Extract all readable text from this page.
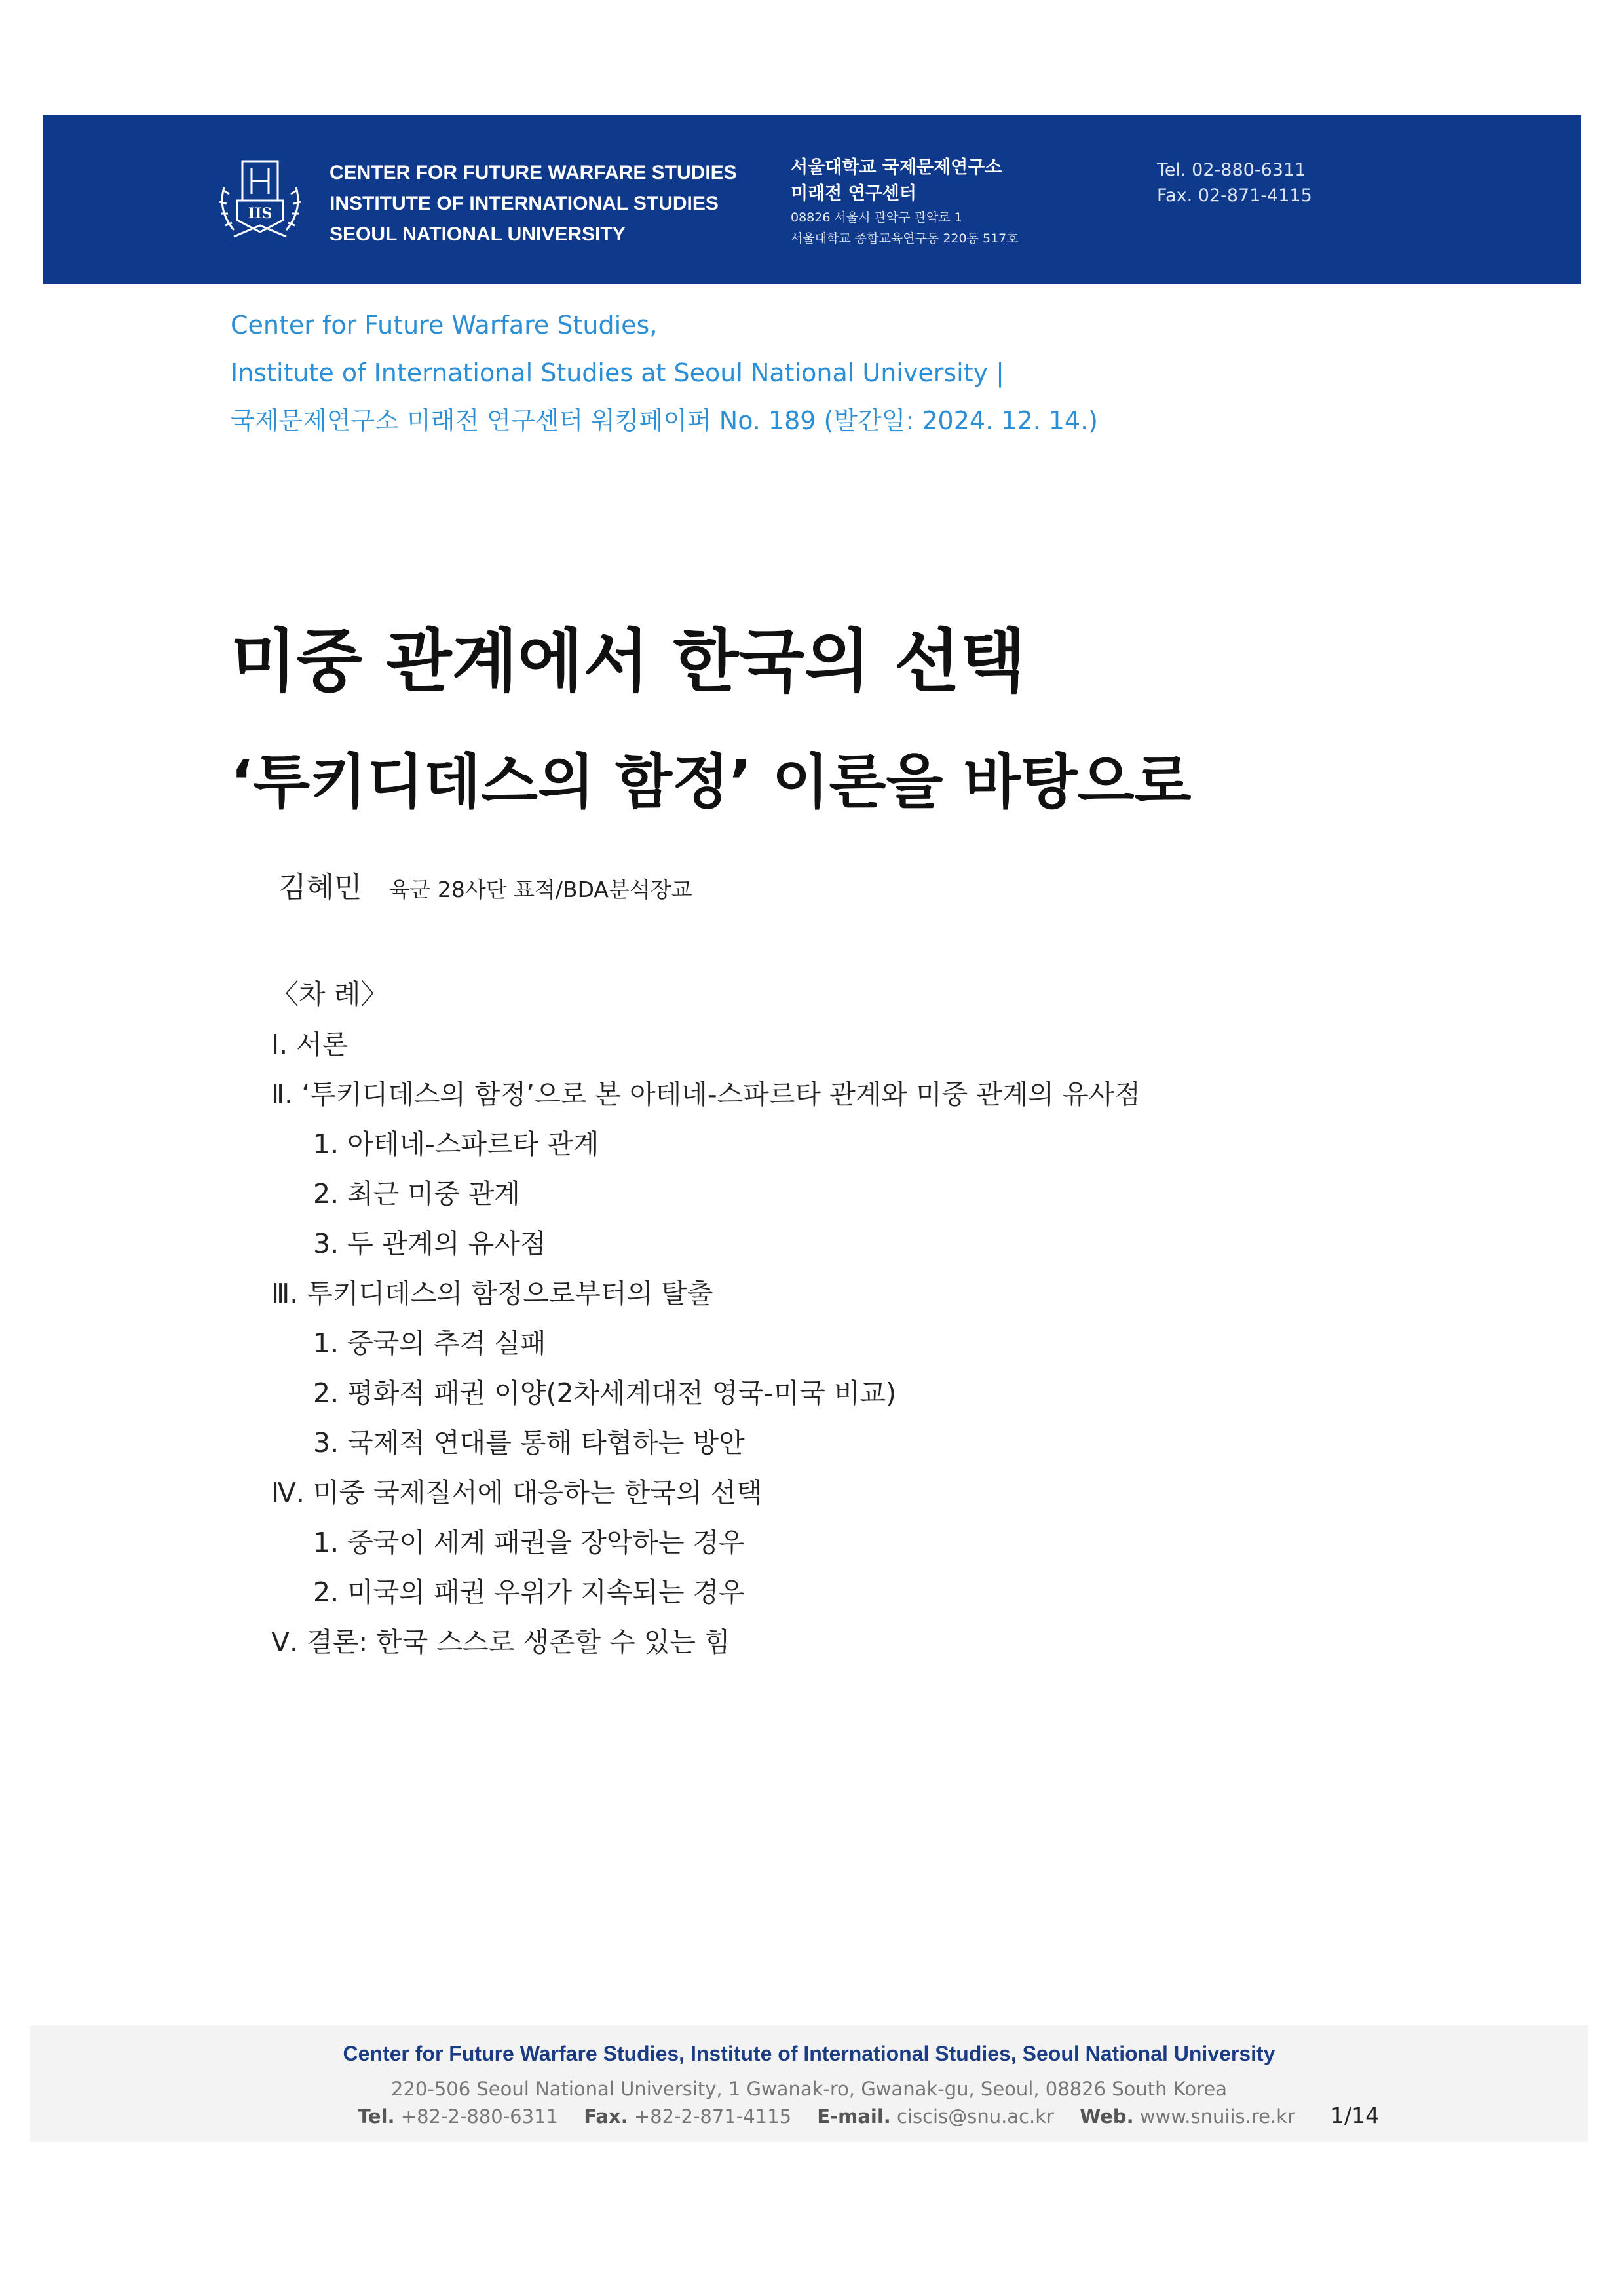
IIS
CENTER FOR FUTURE WARFARE STUDIES
INSTITUTE OF INTERNATIONAL STUDIES
SEOUL NATIONAL UNIVERSITY
서울대학교 국제문제연구소
미래전 연구센터
08826 서울시 관악구 관악로 1
서울대학교 종합교육연구동 220동 517호
Tel. 02-880-6311
Fax. 02-871-4115
Center for Future Warfare Studies,
Institute of International Studies at Seoul National University |
국제문제연구소 미래전 연구센터 워킹페이퍼 No. 189 (발간일: 2024. 12. 14.)
미중 관계에서 한국의 선택
‘투키디데스의 함정’ 이론을 바탕으로
김혜민 육군 28사단 표적/BDA분석장교
〈차 례〉
Ⅰ. 서론
Ⅱ. ‘투키디데스의 함정’으로 본 아테네-스파르타 관계와 미중 관계의 유사점
1. 아테네-스파르타 관계
2. 최근 미중 관계
3. 두 관계의 유사점
Ⅲ. 투키디데스의 함정으로부터의 탈출
1. 중국의 추격 실패
2. 평화적 패권 이양(2차세계대전 영국-미국 비교)
3. 국제적 연대를 통해 타협하는 방안
Ⅳ. 미중 국제질서에 대응하는 한국의 선택
1. 중국이 세계 패권을 장악하는 경우
2. 미국의 패권 우위가 지속되는 경우
Ⅴ. 결론: 한국 스스로 생존할 수 있는 힘
Center for Future Warfare Studies, Institute of International Studies, Seoul National University
220-506 Seoul National University, 1 Gwanak-ro, Gwanak-gu, Seoul, 08826 South Korea
Tel. +82-2-880-6311 Fax. +82-2-871-4115 E-mail. ciscis@snu.ac.kr Web. www.snuiis.re.kr 1/14
